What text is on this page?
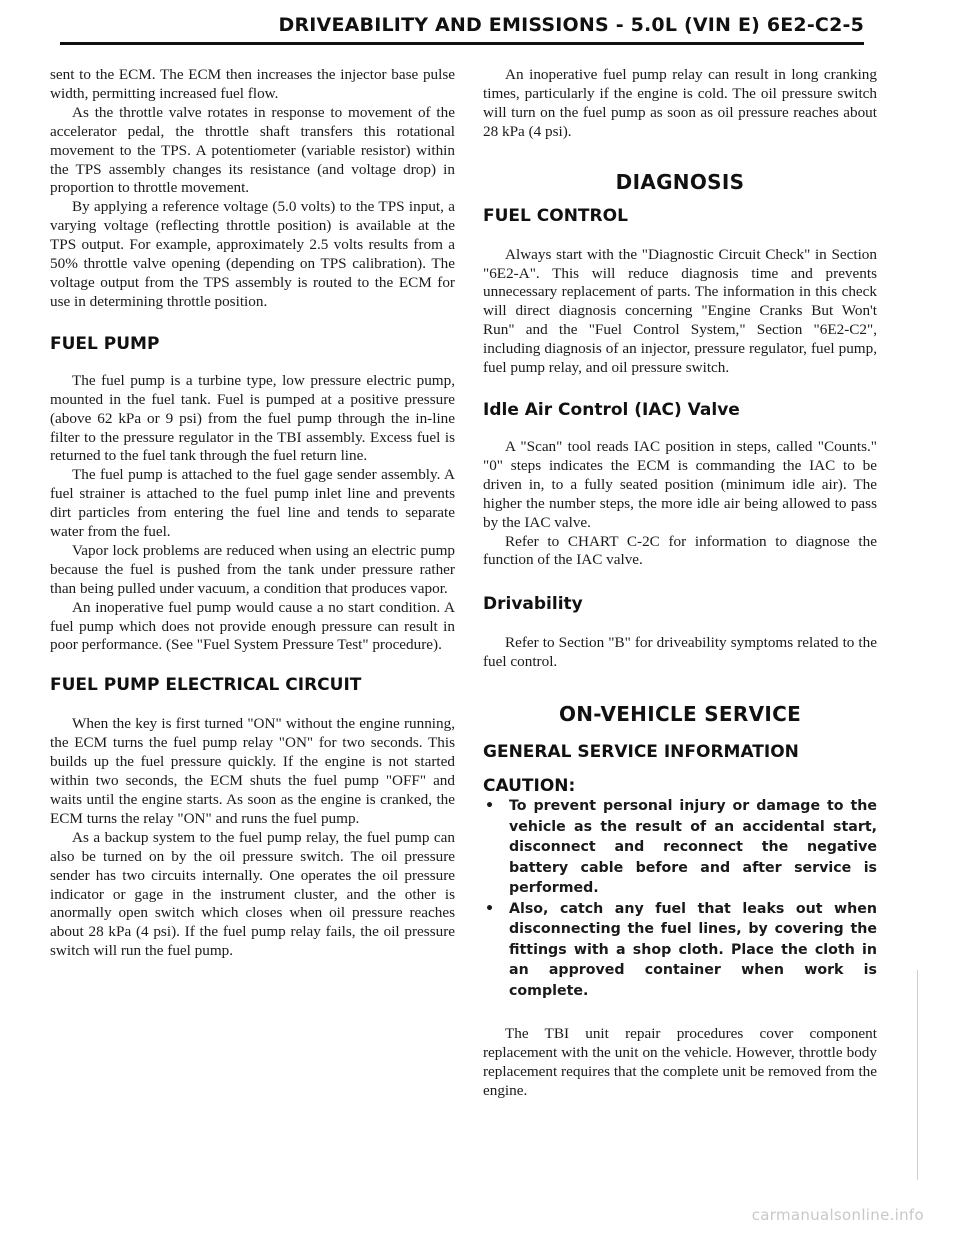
DRIVEABILITY AND EMISSIONS - 5.0L (VIN E) 6E2-C2-5

sent to the ECM. The ECM then increases the injector base pulse width, permitting increased fuel flow.

As the throttle valve rotates in response to movement of the accelerator pedal, the throttle shaft transfers this rotational movement to the TPS. A potentiometer (variable resistor) within the TPS assembly changes its resistance (and voltage drop) in proportion to throttle movement.

By applying a reference voltage (5.0 volts) to the TPS input, a varying voltage (reflecting throttle position) is available at the TPS output. For example, approximately 2.5 volts results from a 50% throttle valve opening (depending on TPS calibration). The voltage output from the TPS assembly is routed to the ECM for use in determining throttle position.

FUEL PUMP

The fuel pump is a turbine type, low pressure electric pump, mounted in the fuel tank. Fuel is pumped at a positive pressure (above 62 kPa or 9 psi) from the fuel pump through the in-line filter to the pressure regulator in the TBI assembly. Excess fuel is returned to the fuel tank through the fuel return line.

The fuel pump is attached to the fuel gage sender assembly. A fuel strainer is attached to the fuel pump inlet line and prevents dirt particles from entering the fuel line and tends to separate water from the fuel.

Vapor lock problems are reduced when using an electric pump because the fuel is pushed from the tank under pressure rather than being pulled under vacuum, a condition that produces vapor.

An inoperative fuel pump would cause a no start condition. A fuel pump which does not provide enough pressure can result in poor performance. (See "Fuel System Pressure Test" procedure).

FUEL PUMP ELECTRICAL CIRCUIT

When the key is first turned "ON" without the engine running, the ECM turns the fuel pump relay "ON" for two seconds. This builds up the fuel pressure quickly. If the engine is not started within two seconds, the ECM shuts the fuel pump "OFF" and waits until the engine starts. As soon as the engine is cranked, the ECM turns the relay "ON" and runs the fuel pump.

As a backup system to the fuel pump relay, the fuel pump can also be turned on by the oil pressure switch. The oil pressure sender has two circuits internally. One operates the oil pressure indicator or gage in the instrument cluster, and the other is anormally open switch which closes when oil pressure reaches about 28 kPa (4 psi). If the fuel pump relay fails, the oil pressure switch will run the fuel pump.

An inoperative fuel pump relay can result in long cranking times, particularly if the engine is cold. The oil pressure switch will turn on the fuel pump as soon as oil pressure reaches about 28 kPa (4 psi).

DIAGNOSIS
FUEL CONTROL

Always start with the "Diagnostic Circuit Check" in Section "6E2-A". This will reduce diagnosis time and prevents unnecessary replacement of parts. The information in this check will direct diagnosis concerning "Engine Cranks But Won't Run" and the "Fuel Control System," Section "6E2-C2", including diagnosis of an injector, pressure regulator, fuel pump, fuel pump relay, and oil pressure switch.

Idle Air Control (IAC) Valve

A "Scan" tool reads IAC position in steps, called "Counts." "0" steps indicates the ECM is commanding the IAC to be driven in, to a fully seated position (minimum idle air). The higher the number steps, the more idle air being allowed to pass by the IAC valve.

Refer to CHART C-2C for information to diagnose the function of the IAC valve.

Drivability

Refer to Section "B" for driveability symptoms related to the fuel control.

ON-VEHICLE SERVICE
GENERAL SERVICE INFORMATION
CAUTION:
• To prevent personal injury or damage to the vehicle as the result of an accidental start, disconnect and reconnect the negative battery cable before and after service is performed.
• Also, catch any fuel that leaks out when disconnecting the fuel lines, by covering the fittings with a shop cloth. Place the cloth in an approved container when work is complete.

The TBI unit repair procedures cover component replacement with the unit on the vehicle. However, throttle body replacement requires that the complete unit be removed from the engine.

carmanualsonline.info
